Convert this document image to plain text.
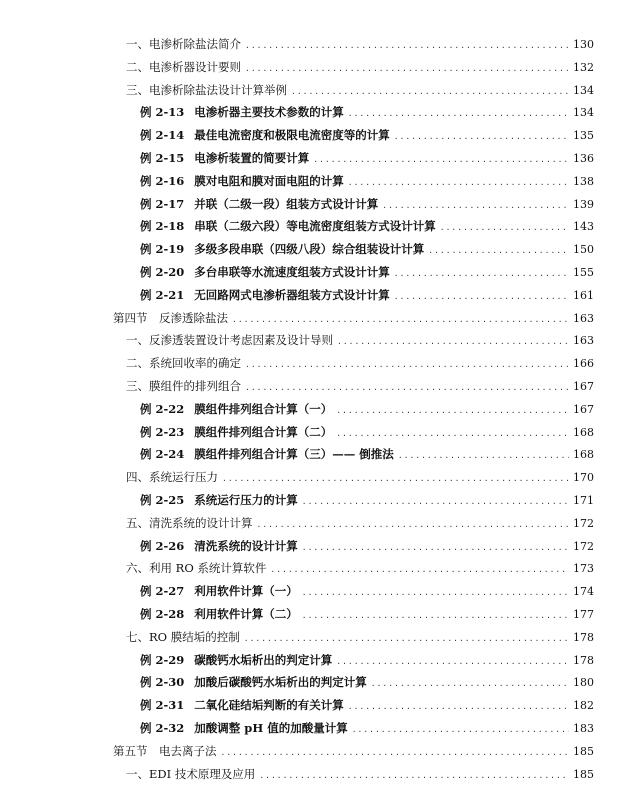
一、电渗析除盐法简介 .....	130
二、电渗析器设计要则 .....	132
三、电渗析除盐法设计计算举例 .....	134
例 2-13 电渗析器主要技术参数的计算 .....	134
例 2-14 最佳电流密度和极限电流密度等的计算 .....	135
例 2-15 电渗析装置的简要计算 .....	136
例 2-16 膜对电阻和膜对面电阻的计算 .....	138
例 2-17 并联（二级一段）组装方式设计计算 .....	139
例 2-18 串联（二级六段）等电流密度组装方式设计计算 .....	143
例 2-19 多级多段串联（四级八段）综合组装设计计算 .....	150
例 2-20 多台串联等水流速度组装方式设计计算 .....	155
例 2-21 无回路网式电渗析器组装方式设计计算 .....	161
第四节　反渗透除盐法 .....	163
一、反渗透装置设计考虑因素及设计导则 .....	163
二、系统回收率的确定 .....	166
三、膜组件的排列组合 .....	167
例 2-22 膜组件排列组合计算（一） .....	167
例 2-23 膜组件排列组合计算（二） .....	168
例 2-24 膜组件排列组合计算（三）—— 倒推法 .....	168
四、系统运行压力 .....	170
例 2-25 系统运行压力的计算 .....	171
五、清洗系统的设计计算 .....	172
例 2-26 清洗系统的设计计算 .....	172
六、利用 RO 系统计算软件 .....	173
例 2-27 利用软件计算（一） .....	174
例 2-28 利用软件计算（二） .....	177
七、RO 膜结垢的控制 .....	178
例 2-29 碳酸钙水垢析出的判定计算 .....	178
例 2-30 加酸后碳酸钙水垢析出的判定计算 .....	180
例 2-31 二氧化硅结垢判断的有关计算 .....	182
例 2-32 加酸调整 pH 值的加酸量计算 .....	183
第五节　电去离子法 .....	185
一、EDI 技术原理及应用 .....	185
